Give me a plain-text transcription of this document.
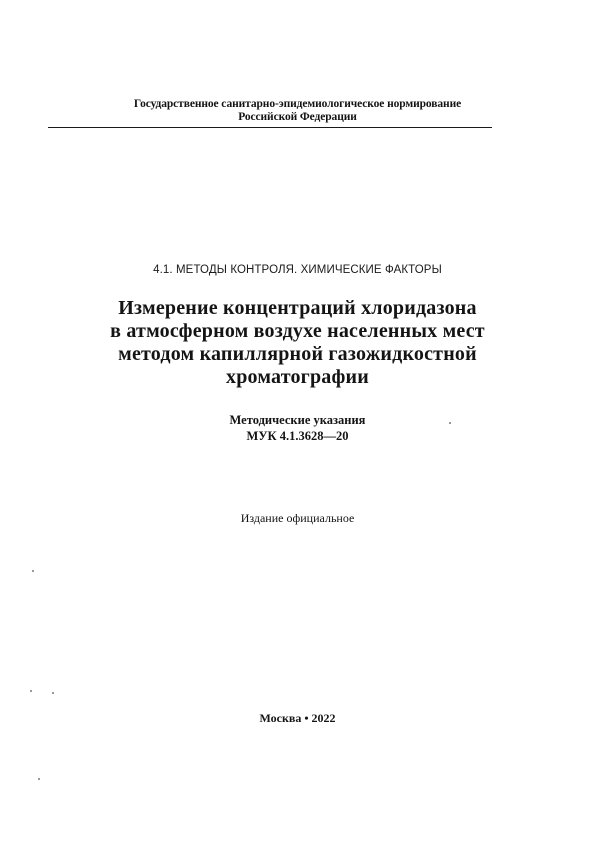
Государственное санитарно-эпидемиологическое нормирование
Российской Федерации
4.1. МЕТОДЫ КОНТРОЛЯ. ХИМИЧЕСКИЕ ФАКТОРЫ
Измерение концентраций хлоридазона
в атмосферном воздухе населенных мест
методом капиллярной газожидкостной
хроматографии
Методические указания
МУК 4.1.3628—20
Издание официальное
Москва • 2022
